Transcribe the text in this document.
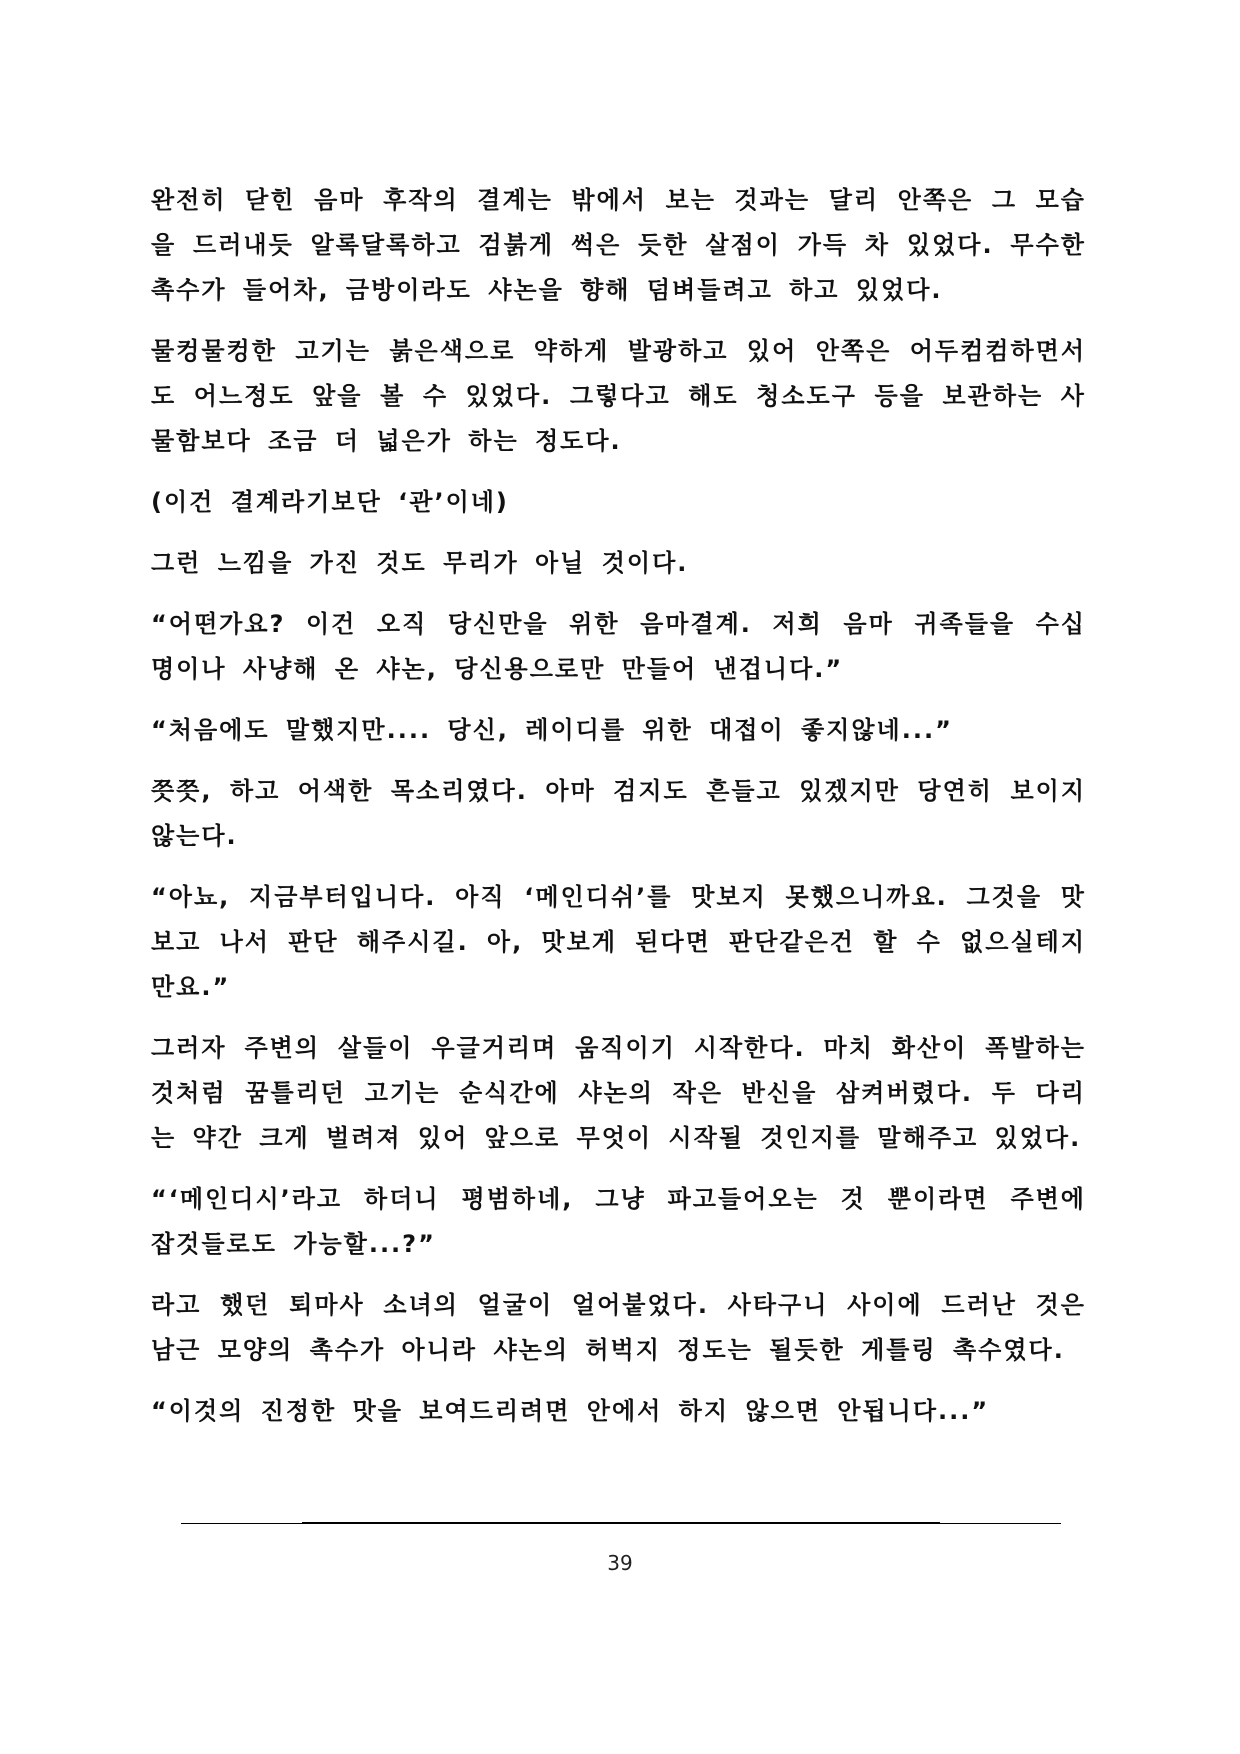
완전히 닫힌 음마 후작의 결계는 밖에서 보는 것과는 달리 안쪽은 그 모습을 드러내듯 알록달록하고 검붉게 썩은 듯한 살점이 가득 차 있었다. 무수한 촉수가 들어차, 금방이라도 샤논을 향해 덤벼들려고 하고 있었다.

물컹물컹한 고기는 붉은색으로 약하게 발광하고 있어 안쪽은 어두컴컴하면서도 어느정도 앞을 볼 수 있었다. 그렇다고 해도 청소도구 등을 보관하는 사물함보다 조금 더 넓은가 하는 정도다.

(이건 결계라기보단 ‘관’이네)

그런 느낌을 가진 것도 무리가 아닐 것이다.

“어떤가요? 이건 오직 당신만을 위한 음마결계. 저희 음마 귀족들을 수십 명이나 사냥해 온 샤논, 당신용으로만 만들어 낸겁니다.”

“처음에도 말했지만.... 당신, 레이디를 위한 대접이 좋지않네...”

쯧쯧, 하고 어색한 목소리였다. 아마 검지도 흔들고 있겠지만 당연히 보이지 않는다.

“아뇨, 지금부터입니다. 아직 ‘메인디쉬’를 맛보지 못했으니까요. 그것을 맛보고 나서 판단 해주시길. 아, 맛보게 된다면 판단같은건 할 수 없으실테지만요.”

그러자 주변의 살들이 우글거리며 움직이기 시작한다. 마치 화산이 폭발하는 것처럼 꿈틀리던 고기는 순식간에 샤논의 작은 반신을 삼켜버렸다. 두 다리는 약간 크게 벌려져 있어 앞으로 무엇이 시작될 것인지를 말해주고 있었다.

“‘메인디시’라고 하더니 평범하네, 그냥 파고들어오는 것 뿐이라면 주변에 잡것들로도 가능할...?”

라고 했던 퇴마사 소녀의 얼굴이 얼어붙었다. 사타구니 사이에 드러난 것은 남근 모양의 촉수가 아니라 샤논의 허벅지 정도는 될듯한 게틀링 촉수였다.

“이것의 진정한 맛을 보여드리려면 안에서 하지 않으면 안됩니다...”

39
